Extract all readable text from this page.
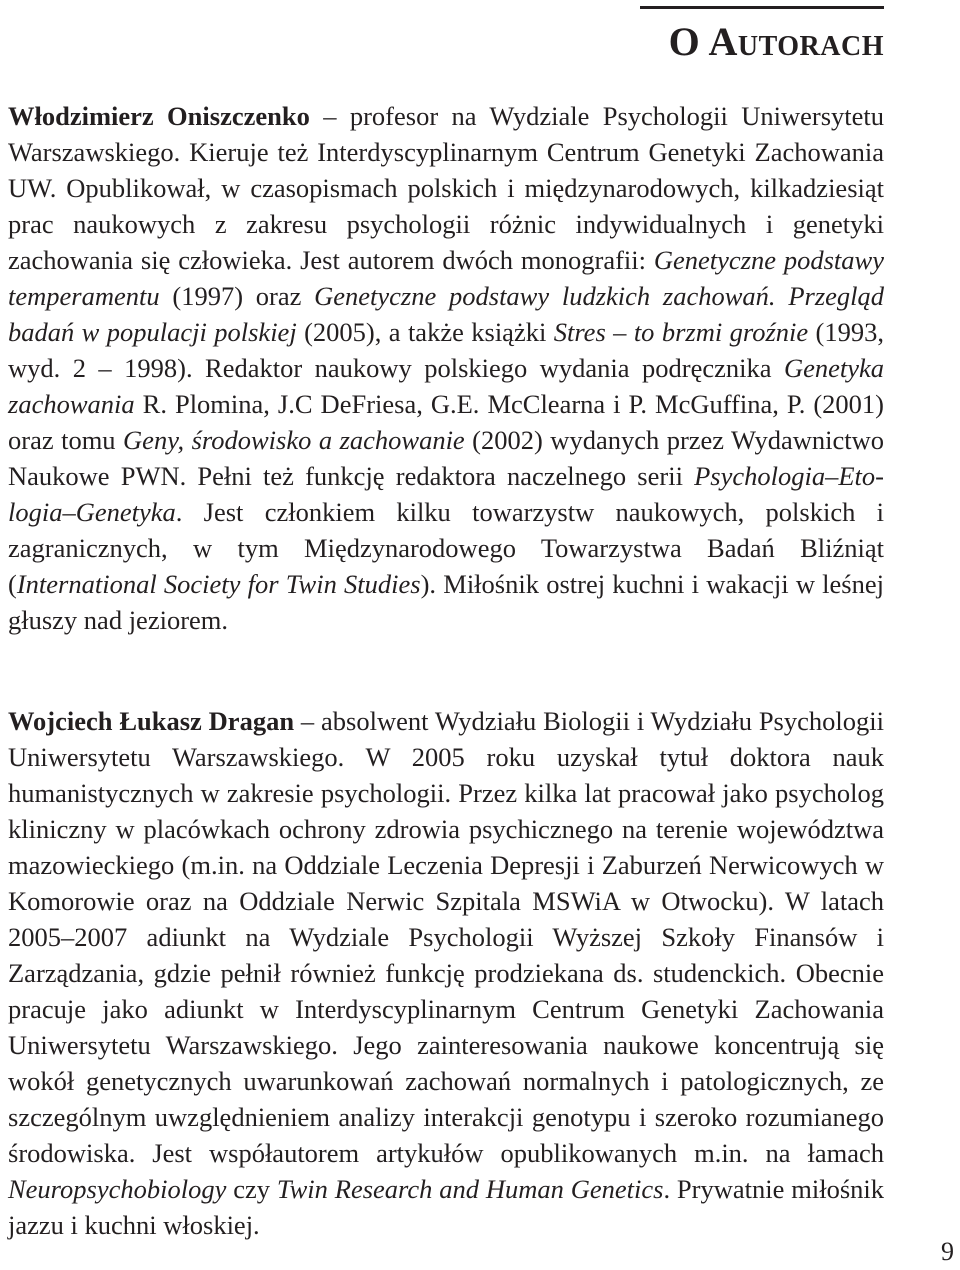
O Autorach

Włodzimierz Oniszczenko – profesor na Wydziale Psychologii Uniwersytetu Warszawskiego. Kieruje też Interdyscyplinarnym Centrum Genetyki Zachowania UW. Opublikował, w czasopismach polskich i międzynarodowych, kilkadziesiąt prac naukowych z zakresu psychologii różnic indywidualnych i genetyki zachowania się człowieka. Jest autorem dwóch monografii: Genetyczne podstawy temperamentu (1997) oraz Genetyczne podstawy ludzkich zachowań. Przegląd badań w populacji polskiej (2005), a także książki Stres – to brzmi groźnie (1993, wyd. 2 – 1998). Redaktor naukowy polskiego wydania podręcznika Genetyka zachowania R. Plomina, J.C DeFriesa, G.E. McClearna i P. McGuffina, P. (2001) oraz tomu Geny, środowisko a zachowanie (2002) wydanych przez Wydawnictwo Naukowe PWN. Pełni też funkcję redaktora naczelnego serii Psychologia–Etologia–Genetyka. Jest członkiem kilku towarzystw naukowych, polskich i zagranicznych, w tym Międzynarodowego Towarzystwa Badań Bliźniąt (International Society for Twin Studies). Miłośnik ostrej kuchni i wakacji w leśnej głuszy nad jeziorem.

Wojciech Łukasz Dragan – absolwent Wydziału Biologii i Wydziału Psychologii Uniwersytetu Warszawskiego. W 2005 roku uzyskał tytuł doktora nauk humanistycznych w zakresie psychologii. Przez kilka lat pracował jako psycholog kliniczny w placówkach ochrony zdrowia psychicznego na terenie województwa mazowieckiego (m.in. na Oddziale Leczenia Depresji i Zaburzeń Nerwicowych w Komorowie oraz na Oddziale Nerwic Szpitala MSWiA w Otwocku). W latach 2005–2007 adiunkt na Wydziale Psychologii Wyższej Szkoły Finansów i Zarządzania, gdzie pełnił również funkcję prodziekana ds. studenckich. Obecnie pracuje jako adiunkt w Interdyscyplinarnym Centrum Genetyki Zachowania Uniwersytetu Warszawskiego. Jego zainteresowania naukowe koncentrują się wokół genetycznych uwarunkowań zachowań normalnych i patologicznych, ze szczególnym uwzględnieniem analizy interakcji genotypu i szeroko rozumianego środowiska. Jest współautorem artykułów opublikowanych m.in. na łamach Neuropsychobiology czy Twin Research and Human Genetics. Prywatnie miłośnik jazzu i kuchni włoskiej.

9
